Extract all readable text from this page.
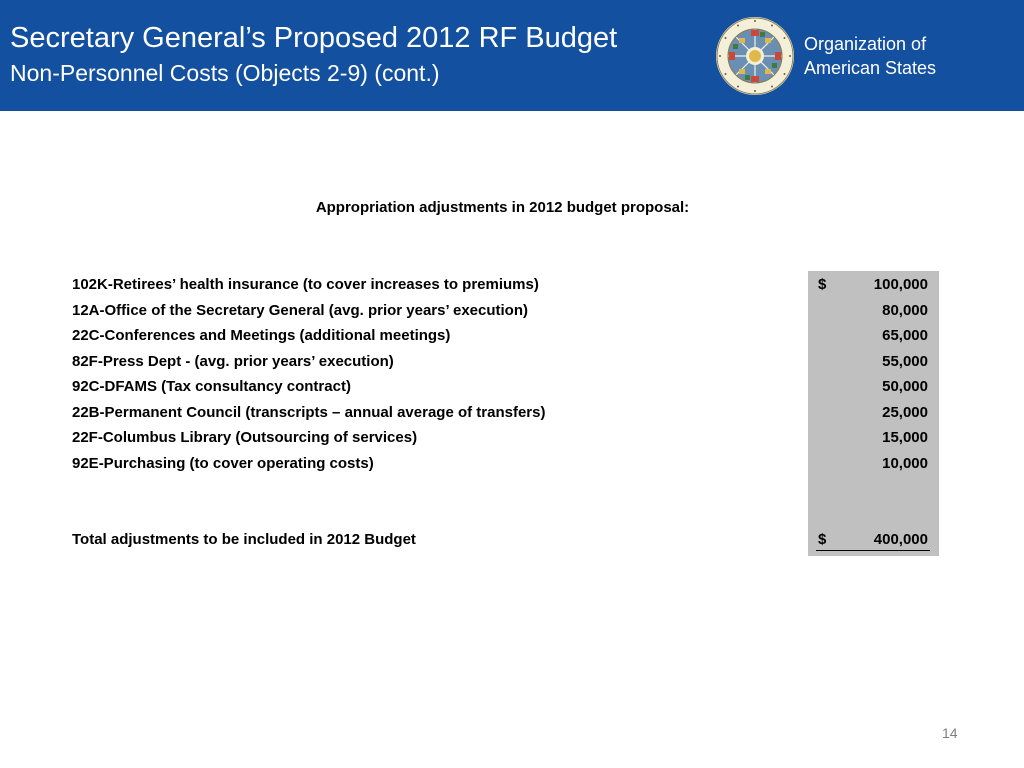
Secretary General’s Proposed 2012 RF Budget
Non-Personnel Costs (Objects 2-9) (cont.)
Organization of
American States
Appropriation adjustments in 2012 budget proposal:
102K-Retirees’ health insurance (to cover increases to premiums)	$	100,000
12A-Office of the Secretary General (avg. prior years’ execution)	80,000
22C-Conferences and Meetings (additional meetings)	65,000
82F-Press Dept - (avg. prior years’ execution)	55,000
92C-DFAMS (Tax consultancy contract)	50,000
22B-Permanent Council (transcripts – annual average of transfers)	25,000
22F-Columbus Library (Outsourcing of services)	15,000
92E-Purchasing (to cover operating costs)	10,000
Total adjustments to be included in 2012 Budget	$	400,000
14
